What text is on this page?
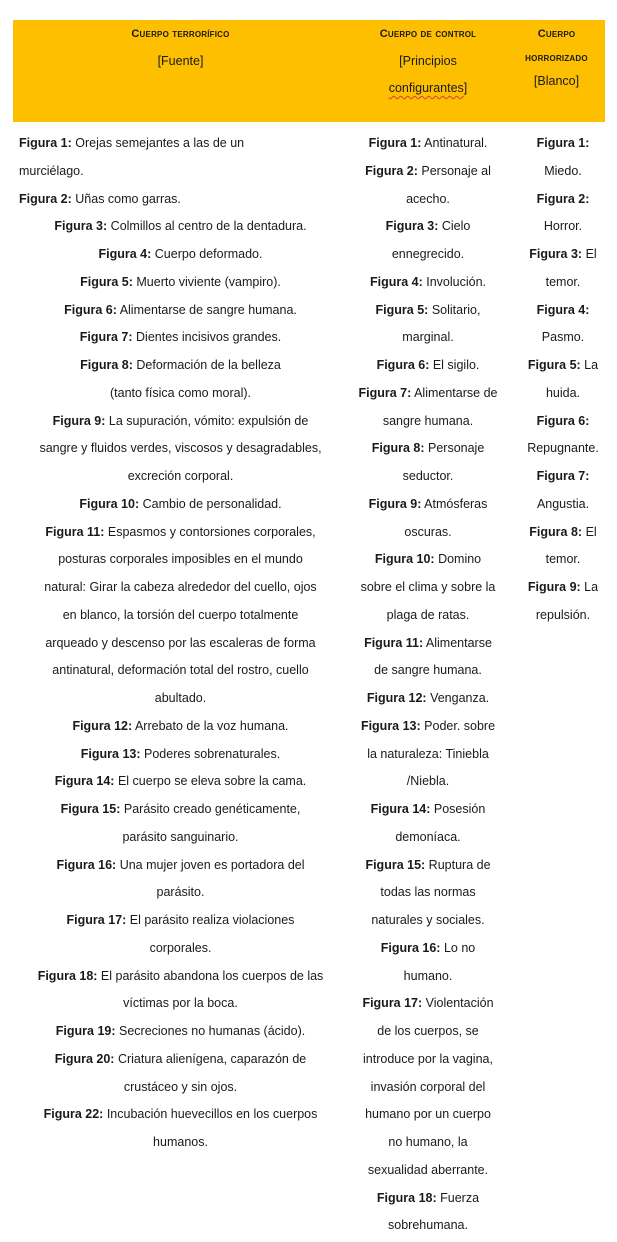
Cuerpo terrorífico
[Fuente]
Cuerpo de control
[Principios
configurantes]
Cuerpo
horrorizado
[Blanco]

Figura 1: Orejas semejantes a las de un

murciélago.

Figura 2: Uñas como garras.

Figura 3: Colmillos al centro de la dentadura.

Figura 4: Cuerpo deformado.

Figura 5: Muerto viviente (vampiro).

Figura 6: Alimentarse de sangre humana.

Figura 7: Dientes incisivos grandes.

Figura 8: Deformación de la belleza

(tanto física como moral).

Figura 9: La supuración, vómito: expulsión de

sangre y fluidos verdes, viscosos y desagradables,

excreción corporal.

Figura 10: Cambio de personalidad.

Figura 11: Espasmos y contorsiones corporales,

posturas corporales imposibles en el mundo

natural: Girar la cabeza alrededor del cuello, ojos

en blanco, la torsión del cuerpo totalmente

arqueado y descenso por las escaleras de forma

antinatural, deformación total del rostro, cuello

abultado.

Figura 12: Arrebato de la voz humana.

Figura 13: Poderes sobrenaturales.

Figura 14: El cuerpo se eleva sobre la cama.

Figura 15: Parásito creado genéticamente,

parásito sanguinario.

Figura 16: Una mujer joven es portadora del

parásito.

Figura 17: El parásito realiza violaciones

corporales.

Figura 18: El parásito abandona los cuerpos de las

víctimas por la boca.

Figura 19: Secreciones no humanas (ácido).

Figura 20: Criatura alienígena, caparazón de

crustáceo y sin ojos.

Figura 22: Incubación huevecillos en los cuerpos

humanos.

Figura 1: Antinatural.

Figura 2: Personaje al

acecho.

Figura 3: Cielo

ennegrecido.

Figura 4: Involución.

Figura 5: Solitario,

marginal.

Figura 6: El sigilo.

Figura 7: Alimentarse de

sangre humana.

Figura 8: Personaje

seductor.

Figura 9: Atmósferas

oscuras.

Figura 10: Domino

sobre el clima y sobre la

plaga de ratas.

Figura 11: Alimentarse

de sangre humana.

Figura 12: Venganza.

Figura 13: Poder. sobre

la naturaleza: Tiniebla

/Niebla.

Figura 14: Posesión

demoníaca.

Figura 15: Ruptura de

todas las normas

naturales y sociales.

Figura 16: Lo no

humano.

Figura 17: Violentación

de los cuerpos, se

introduce por la vagina,

invasión corporal del

humano por un cuerpo

no humano, la

sexualidad aberrante.

Figura 18: Fuerza

sobrehumana.

Figura 1:

Miedo.

Figura 2:

Horror.

Figura 3: El

temor.

Figura 4:

Pasmo.

Figura 5: La

huida.

Figura 6:

Repugnante.

Figura 7:

Angustia.

Figura 8: El

temor.

Figura 9: La

repulsión.
